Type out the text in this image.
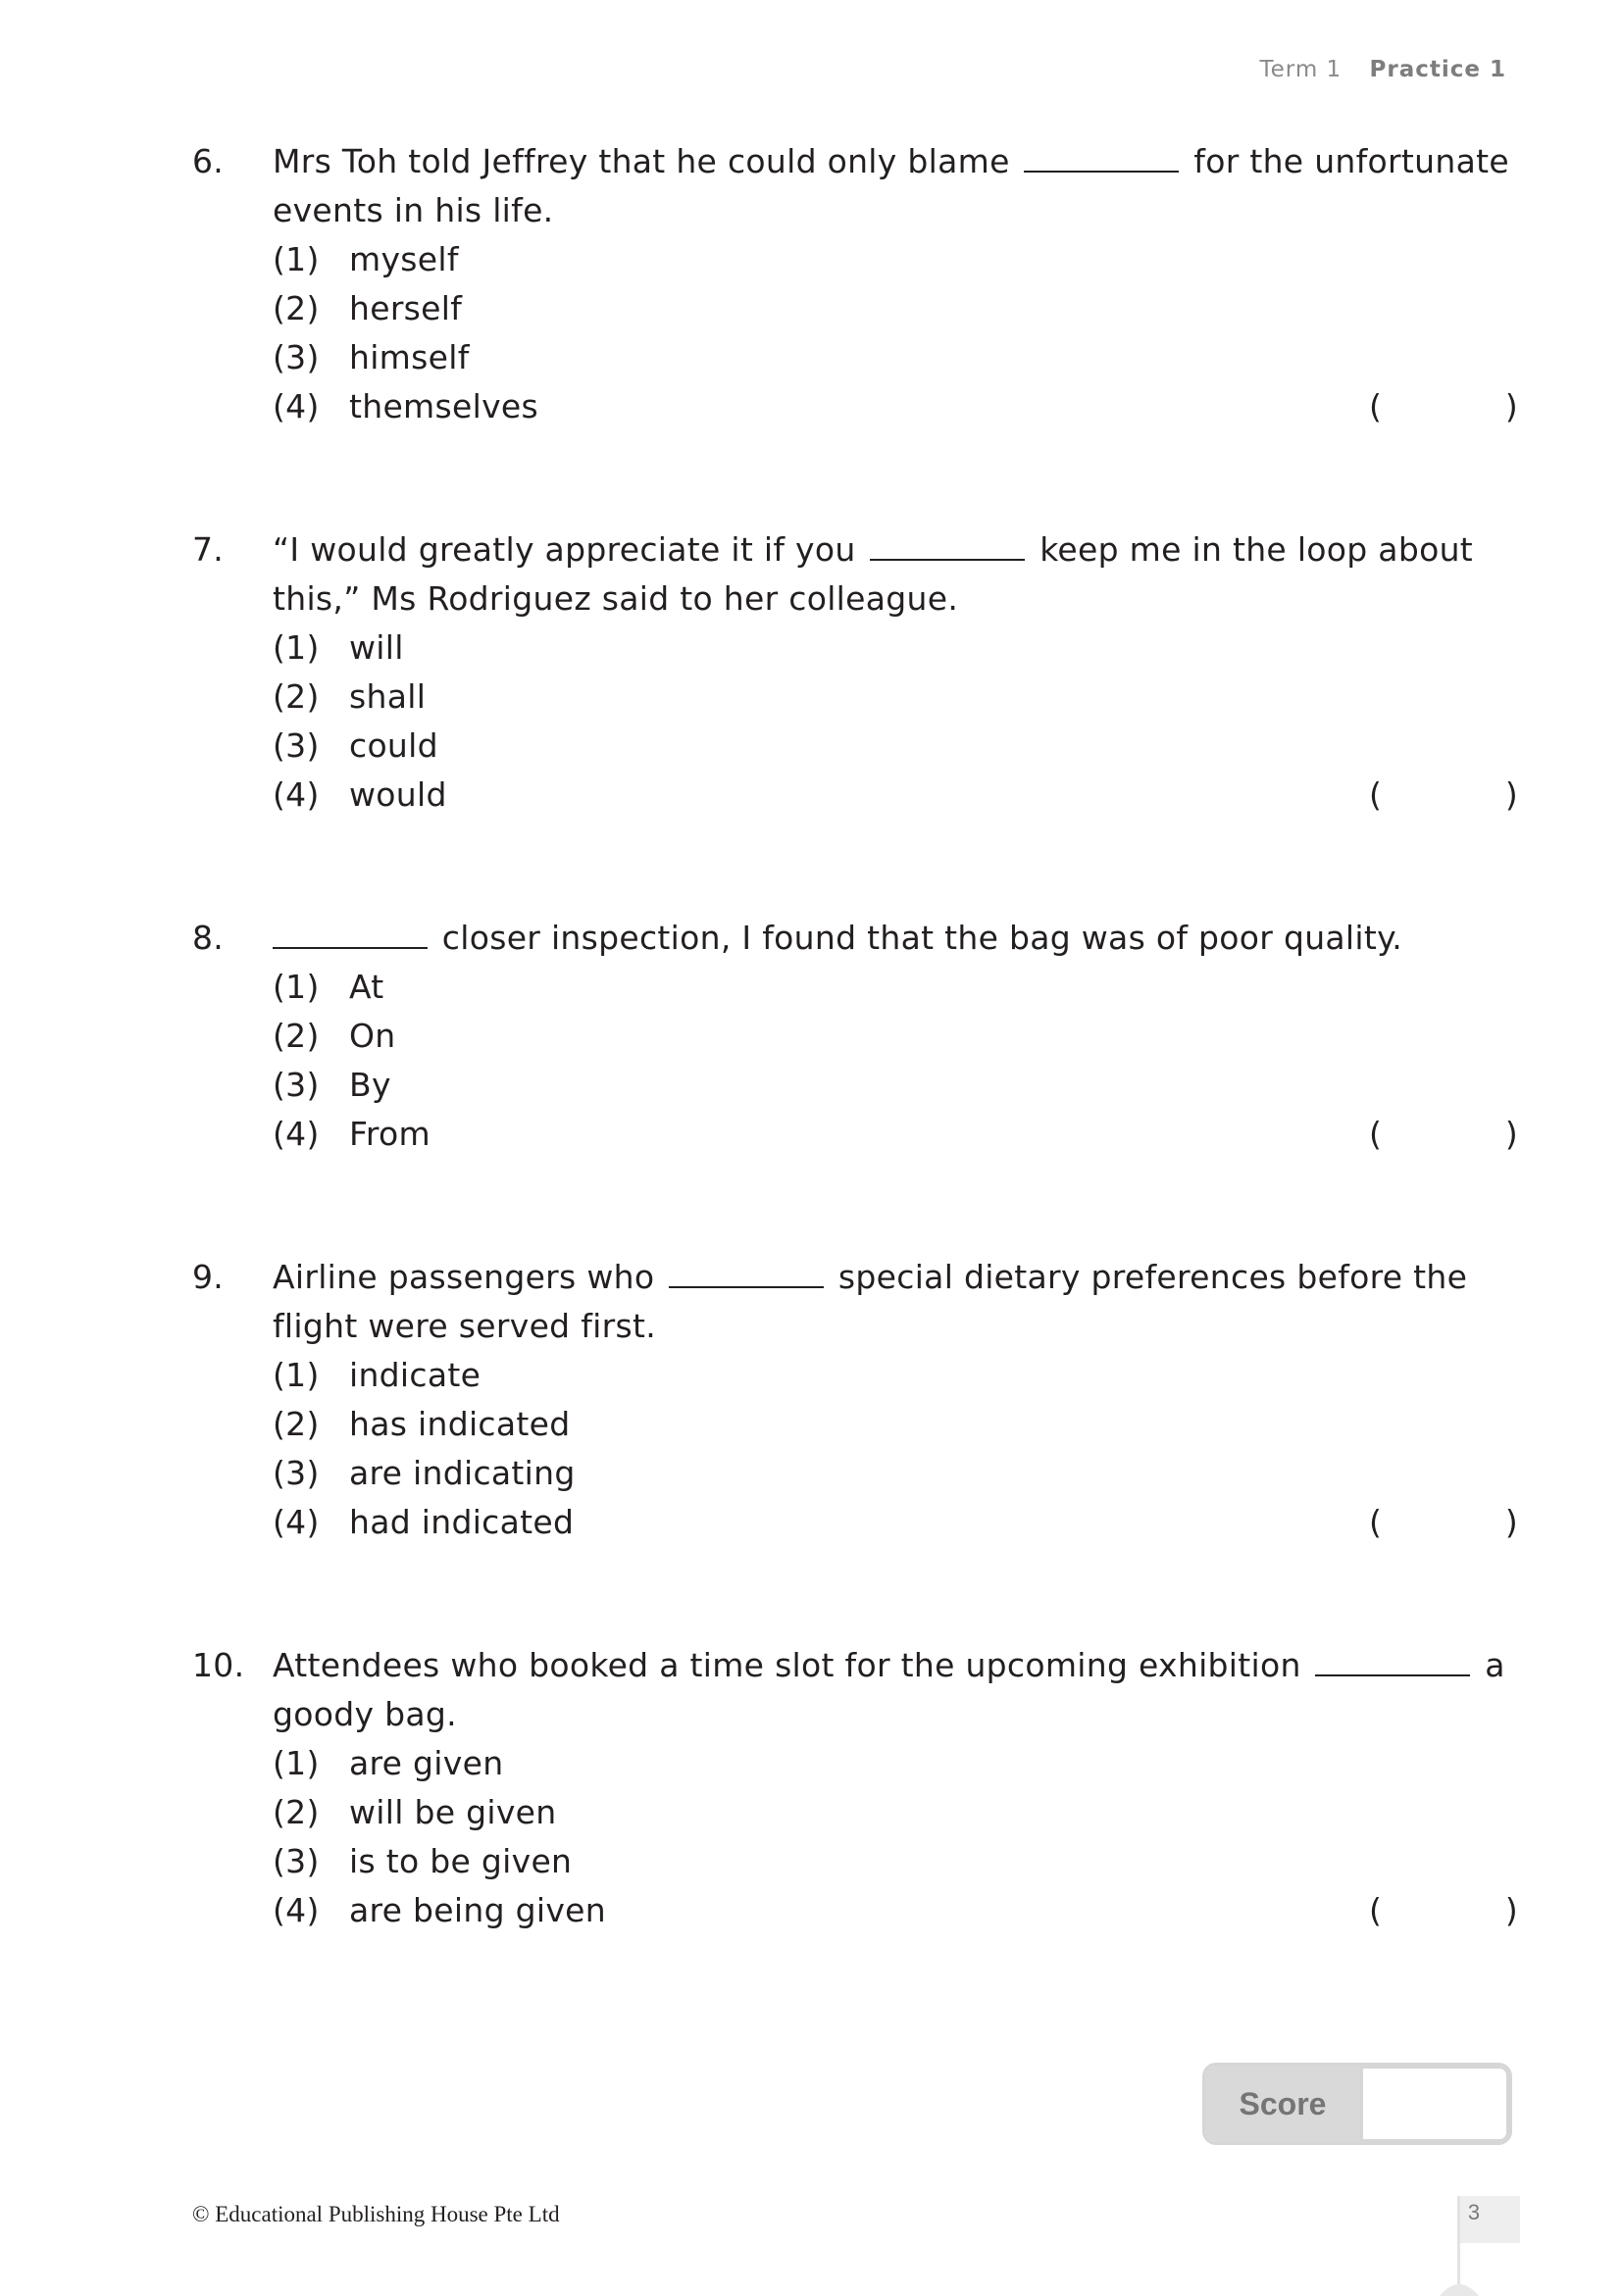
Term 1 Practice 1
6. Mrs Toh told Jeffrey that he could only blame	for the unfortunate events in his life.
(1) myself
(2) herself
(3) himself
(4) themselves	(	)
7. “I would greatly appreciate it if you	keep me in the loop about this,” Ms Rodriguez said to her colleague.
(1) will
(2) shall
(3) could
(4) would	(	)
8.	closer inspection, I found that the bag was of poor quality.
(1) At
(2) On
(3) By
(4) From	(	)
9. Airline passengers who	special dietary preferences before the flight were served first.
(1) indicate
(2) has indicated
(3) are indicating
(4) had indicated	(	)
10. Attendees who booked a time slot for the upcoming exhibition	a goody bag.
(1) are given
(2) will be given
(3) is to be given
(4) are being given	(	)
Score
© Educational Publishing House Pte Ltd	3
